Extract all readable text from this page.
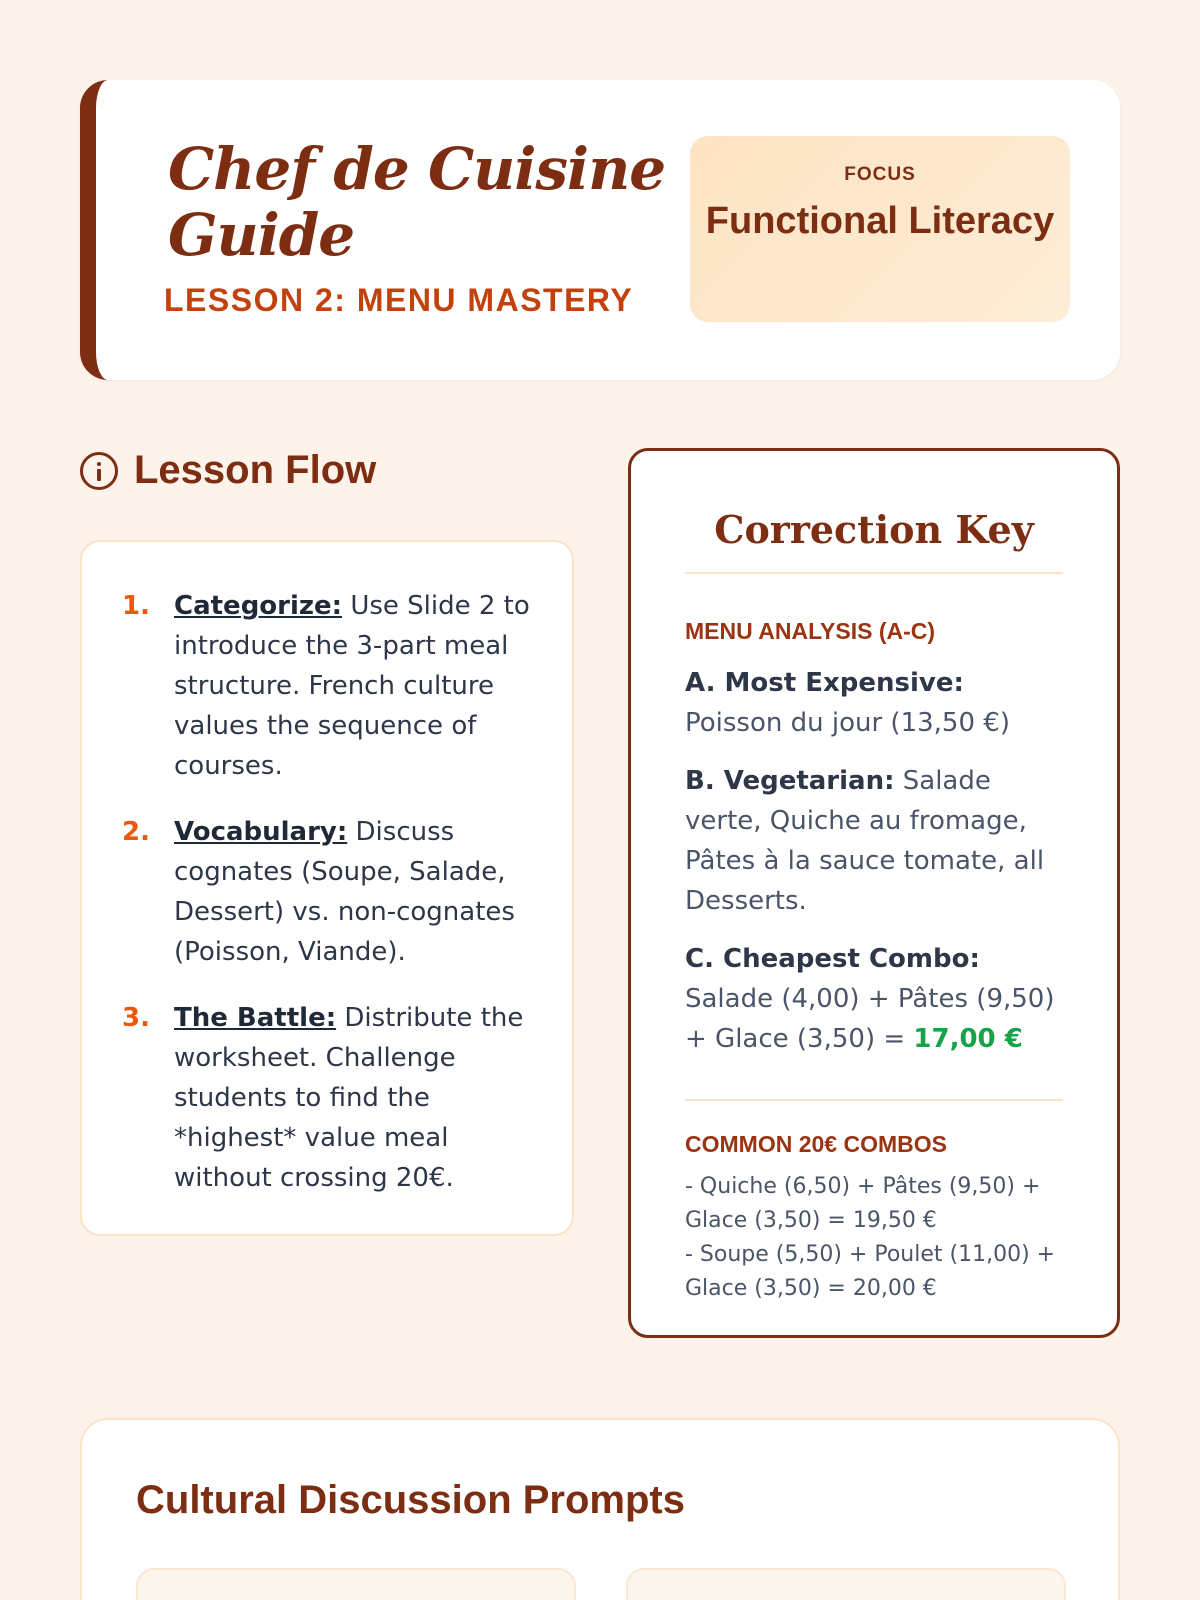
Chef de Cuisine Guide
LESSON 2: MENU MASTERY
FOCUS
Functional Literacy
Lesson Flow
1. Categorize: Use Slide 2 to introduce the 3-part meal structure. French culture values the sequence of courses.
2. Vocabulary: Discuss cognates (Soupe, Salade, Dessert) vs. non-cognates (Poisson, Viande).
3. The Battle: Distribute the worksheet. Challenge students to find the *highest* value meal without crossing 20€.
Correction Key
MENU ANALYSIS (A-C)
A. Most Expensive: Poisson du jour (13,50 €)
B. Vegetarian: Salade verte, Quiche au fromage, Pâtes à la sauce tomate, all Desserts.
C. Cheapest Combo: Salade (4,00) + Pâtes (9,50) + Glace (3,50) = 17,00 €
COMMON 20€ COMBOS
- Quiche (6,50) + Pâtes (9,50) + Glace (3,50) = 19,50 €
- Soupe (5,50) + Poulet (11,00) + Glace (3,50) = 20,00 €
Cultural Discussion Prompts
